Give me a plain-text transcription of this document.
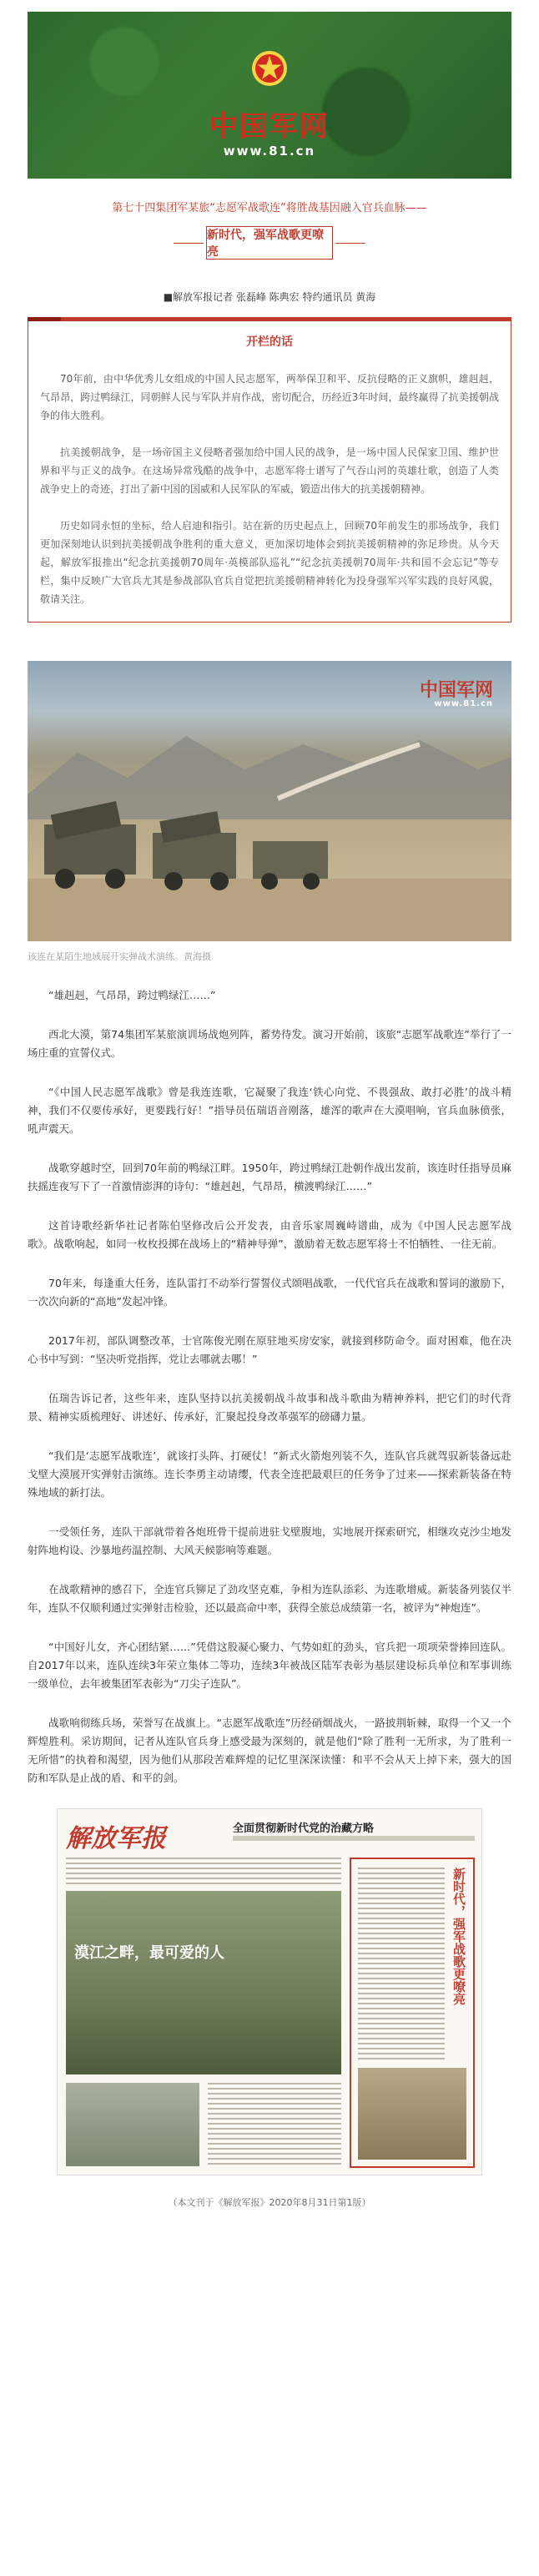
中国军网
www.81.cn
第七十四集团军某旅“志愿军战歌连”将胜战基因融入官兵血脉——
新时代，强军战歌更嘹亮
■解放军报记者 张磊峰 陈典宏 特约通讯员 黄海
开栏的话

70年前，由中华优秀儿女组成的中国人民志愿军，两举保卫和平、反抗侵略的正义旗帜，雄赳赳，气昂昂，跨过鸭绿江，同朝鲜人民与军队并肩作战，密切配合，历经近3年时间，最终赢得了抗美援朝战争的伟大胜利。

抗美援朝战争，是一场帝国主义侵略者强加给中国人民的战争，是一场中国人民保家卫国、维护世界和平与正义的战争。在这场异常残酷的战争中，志愿军将士谱写了气吞山河的英雄壮歌，创造了人类战争史上的奇迹，打出了新中国的国威和人民军队的军威，锻造出伟大的抗美援朝精神。

历史如同永恒的坐标，给人启迪和指引。站在新的历史起点上，回顾70年前发生的那场战争，我们更加深刻地认识到抗美援朝战争胜利的重大意义，更加深切地体会到抗美援朝精神的弥足珍贵。从今天起，解放军报推出“纪念抗美援朝70周年·英模部队巡礼”“纪念抗美援朝70周年·共和国不会忘记”等专栏，集中反映广大官兵尤其是参战部队官兵自觉把抗美援朝精神转化为投身强军兴军实践的良好风貌，敬请关注。

中国军网
www.81.cn
该连在某陌生地域展开实弹战术演练。黄海摄

“雄赳赳，气昂昂，跨过鸭绿江……”

西北大漠，第74集团军某旅演训场战炮列阵，蓄势待发。演习开始前，该旅“志愿军战歌连”举行了一场庄重的宣誓仪式。

“《中国人民志愿军战歌》曾是我连连歌，它凝聚了我连‘铁心向党、不畏强敌、敢打必胜’的战斗精神，我们不仅要传承好，更要践行好！”指导员伍瑞语音刚落，雄浑的歌声在大漠唱响，官兵血脉偾张，吼声震天。

战歌穿越时空，回到70年前的鸭绿江畔。1950年，跨过鸭绿江赴朝作战出发前，该连时任指导员麻扶摇连夜写下了一首激情澎湃的诗句：“雄赳赳，气昂昂，横渡鸭绿江……”

这首诗歌经新华社记者陈伯坚修改后公开发表，由音乐家周巍峙谱曲，成为《中国人民志愿军战歌》。战歌响起，如同一枚枚投掷在战场上的“精神导弹”，激励着无数志愿军将士不怕牺牲、一往无前。

70年来，每逢重大任务，连队雷打不动举行誓誓仪式颂唱战歌，一代代官兵在战歌和誓词的激励下，一次次向新的“高地”发起冲锋。

2017年初，部队调整改革，士官陈俊光刚在原驻地买房安家，就接到移防命令。面对困难，他在决心书中写到：“坚决听党指挥，党让去哪就去哪！”

伍瑞告诉记者，这些年来，连队坚持以抗美援朝战斗故事和战斗歌曲为精神养料，把它们的时代背景、精神实质梳理好、讲述好、传承好，汇聚起投身改革强军的磅礴力量。

“我们是‘志愿军战歌连’，就该打头阵、打硬仗！”新式火箭炮列装不久，连队官兵就驾驭新装备远赴戈壁大漠展开实弹射击演练。连长李勇主动请缨，代表全连把最艰巨的任务争了过来——探索新装备在特殊地域的新打法。

一受领任务，连队干部就带着各炮班骨干提前进驻戈壁腹地，实地展开探索研究，相继攻克沙尘地发射阵地构设、沙暴地药温控制、大风天候影响等难题。

在战歌精神的感召下，全连官兵铆足了劲攻坚克难，争相为连队添彩、为连歌增威。新装备列装仅半年，连队不仅顺利通过实弹射击检验，还以最高命中率，获得全旅总成绩第一名，被评为“神炮连”。

“中国好儿女，齐心团结紧……”凭借这股凝心聚力、气势如虹的劲头，官兵把一项项荣誉捧回连队。自2017年以来，连队连续3年荣立集体二等功，连续3年被战区陆军表彰为基层建设标兵单位和军事训练一级单位，去年被集团军表彰为“刀尖子连队”。

战歌响彻练兵场，荣誉写在战旗上。“志愿军战歌连”历经硝烟战火，一路披荆斩棘，取得一个又一个辉煌胜利。采访期间，记者从连队官兵身上感受最为深刻的，就是他们“除了胜利一无所求，为了胜利一无所惜”的执着和渴望，因为他们从那段苦难辉煌的记忆里深深读懂：和平不会从天上掉下来，强大的国防和军队是止战的盾、和平的剑。

解放军报	全面贯彻新时代党的治藏方略
漠江之畔，最可爱的人	新时代，强军战歌更嘹亮
（本文刊于《解放军报》2020年8月31日第1版）
